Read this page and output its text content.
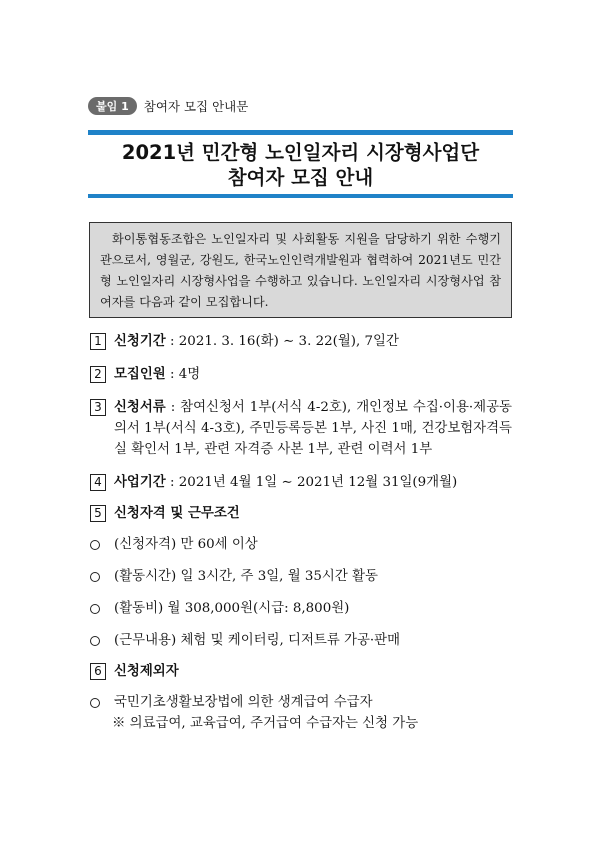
붙임 1	참여자 모집 안내문
2021년 민간형 노인일자리 시장형사업단
참여자 모집 안내

화이통협동조합은 노인일자리 및 사회활동 지원을 담당하기 위한 수행기관으로서, 영월군, 강원도, 한국노인인력개발원과 협력하여 2021년도 민간형 노인일자리 시장형사업을 수행하고 있습니다. 노인일자리 시장형사업 참여자를 다음과 같이 모집합니다.

1 신청기간 : 2021. 3. 16(화) ∼ 3. 22(월), 7일간
2 모집인원 : 4명
3 신청서류 : 참여신청서 1부(서식 4-2호), 개인정보 수집·이용·제공동의서 1부(서식 4-3호), 주민등록등본 1부, 사진 1매, 건강보험자격득실 확인서 1부, 관련 자격증 사본 1부, 관련 이력서 1부
4 사업기간 : 2021년 4월 1일 ∼ 2021년 12월 31일(9개월)
5 신청자격 및 근무조건
(신청자격) 만 60세 이상
(활동시간) 일 3시간, 주 3일, 월 35시간 활동
(활동비) 월 308,000원(시급: 8,800원)
(근무내용) 체험 및 케이터링, 디저트류 가공·판매
6 신청제외자
국민기초생활보장법에 의한 생계급여 수급자
※ 의료급여, 교육급여, 주거급여 수급자는 신청 가능
